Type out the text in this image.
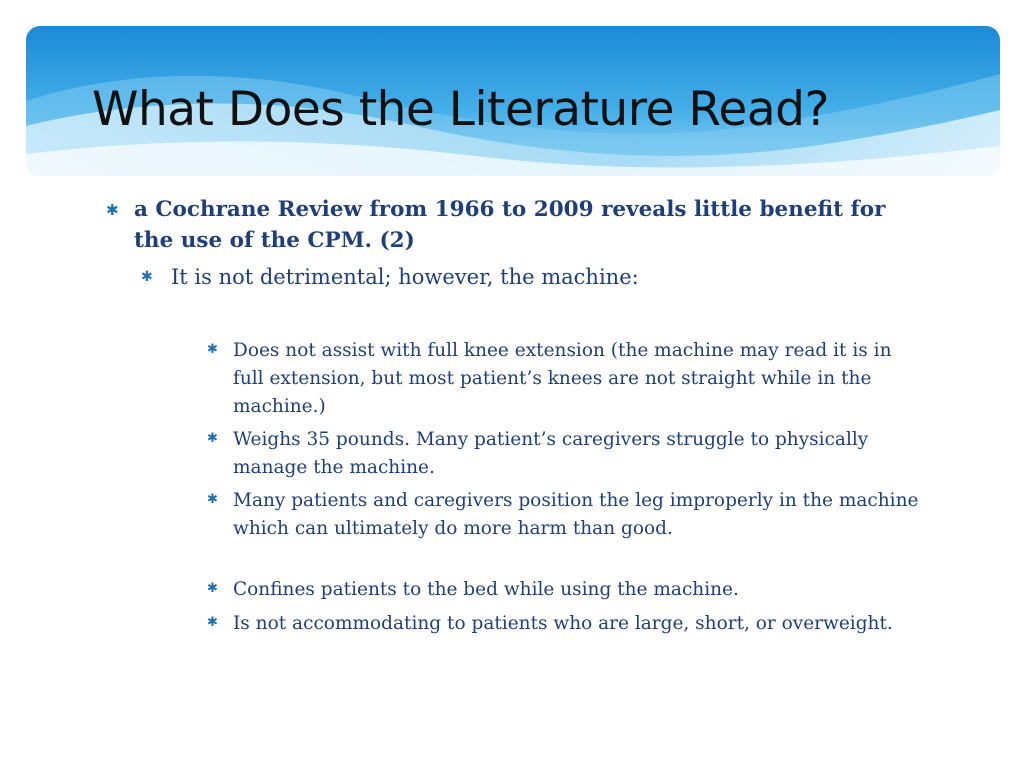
What Does the Literature Read?
✱ a Cochrane Review from 1966 to 2009 reveals little benefit for the use of the CPM. (2)
✱ It is not detrimental; however, the machine:
✱ Does not assist with full knee extension (the machine may read it is in full extension, but most patient’s knees are not straight while in the machine.)
✱ Weighs 35 pounds. Many patient’s caregivers struggle to physically manage the machine.
✱ Many patients and caregivers position the leg improperly in the machine which can ultimately do more harm than good.
✱ Confines patients to the bed while using the machine.
✱ Is not accommodating to patients who are large, short, or overweight.
